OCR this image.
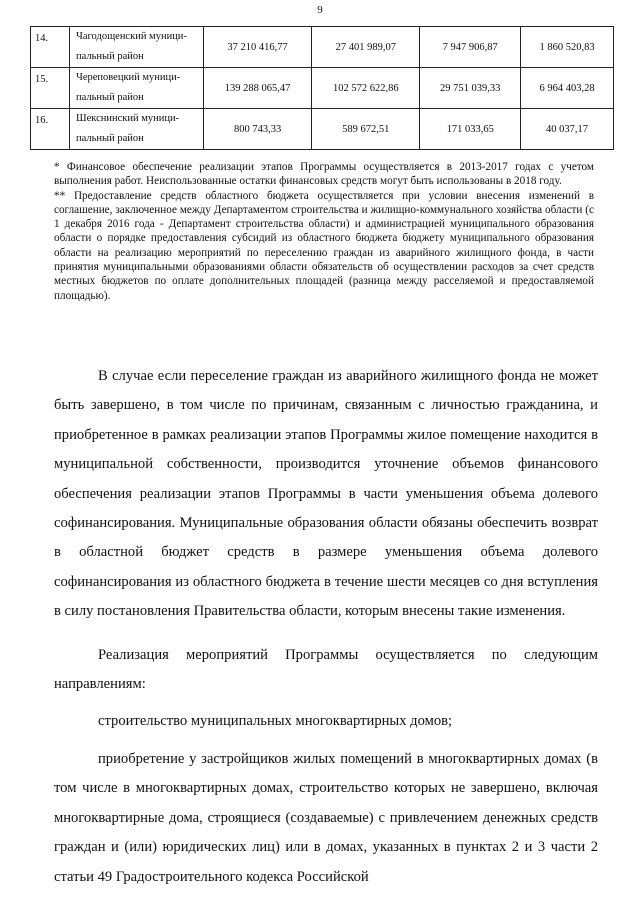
9
14.	Чагодощенский муници-
пальный район	37 210 416,77	27 401 989,07	7 947 906,87	1 860 520,83
15.	Череповецкий муници-
пальный район	139 288 065,47	102 572 622,86	29 751 039,33	6 964 403,28
16.	Шекснинский муници-
пальный район	800 743,33	589 672,51	171 033,65	40 037,17

* Финансовое обеспечение реализации этапов Программы осуществляется в 2013-2017 годах с учетом выполнения работ. Неиспользованные остатки финансовых средств могут быть использованы в 2018 году.

** Предоставление средств областного бюджета осуществляется при условии внесения изменений в соглашение, заключенное между Департаментом строительства и жилищно-коммунального хозяйства области (с 1 декабря 2016 года - Департамент строительства области) и администрацией муниципального образования области о порядке предоставления субсидий из областного бюджета бюджету муниципального образования области на реализацию мероприятий по переселению граждан из аварийного жилищного фонда, в части принятия муниципальными образованиями области обязательств об осуществлении расходов за счет средств местных бюджетов по оплате дополнительных площадей (разница между расселяемой и предоставляемой площадью).

В случае если переселение граждан из аварийного жилищного фонда не может быть завершено, в том числе по причинам, связанным с личностью гражданина, и приобретенное в рамках реализации этапов Программы жилое помещение находится в муниципальной собственности, производится уточнение объемов финансового обеспечения реализации этапов Программы в части уменьшения объема долевого софинансирования. Муниципальные образования области обязаны обеспечить возврат в областной бюджет средств в размере уменьшения объема долевого софинансирования из областного бюджета в течение шести месяцев со дня вступления в силу постановления Правительства области, которым внесены такие изменения.

Реализация мероприятий Программы осуществляется по следующим направлениям:

строительство муниципальных многоквартирных домов;

приобретение у застройщиков жилых помещений в многоквартирных домах (в том числе в многоквартирных домах, строительство которых не завершено, включая многоквартирные дома, строящиеся (создаваемые) с привлечением денежных средств граждан и (или) юридических лиц) или в домах, указанных в пунктах 2 и 3 части 2 статьи 49 Градостроительного кодекса Российской
